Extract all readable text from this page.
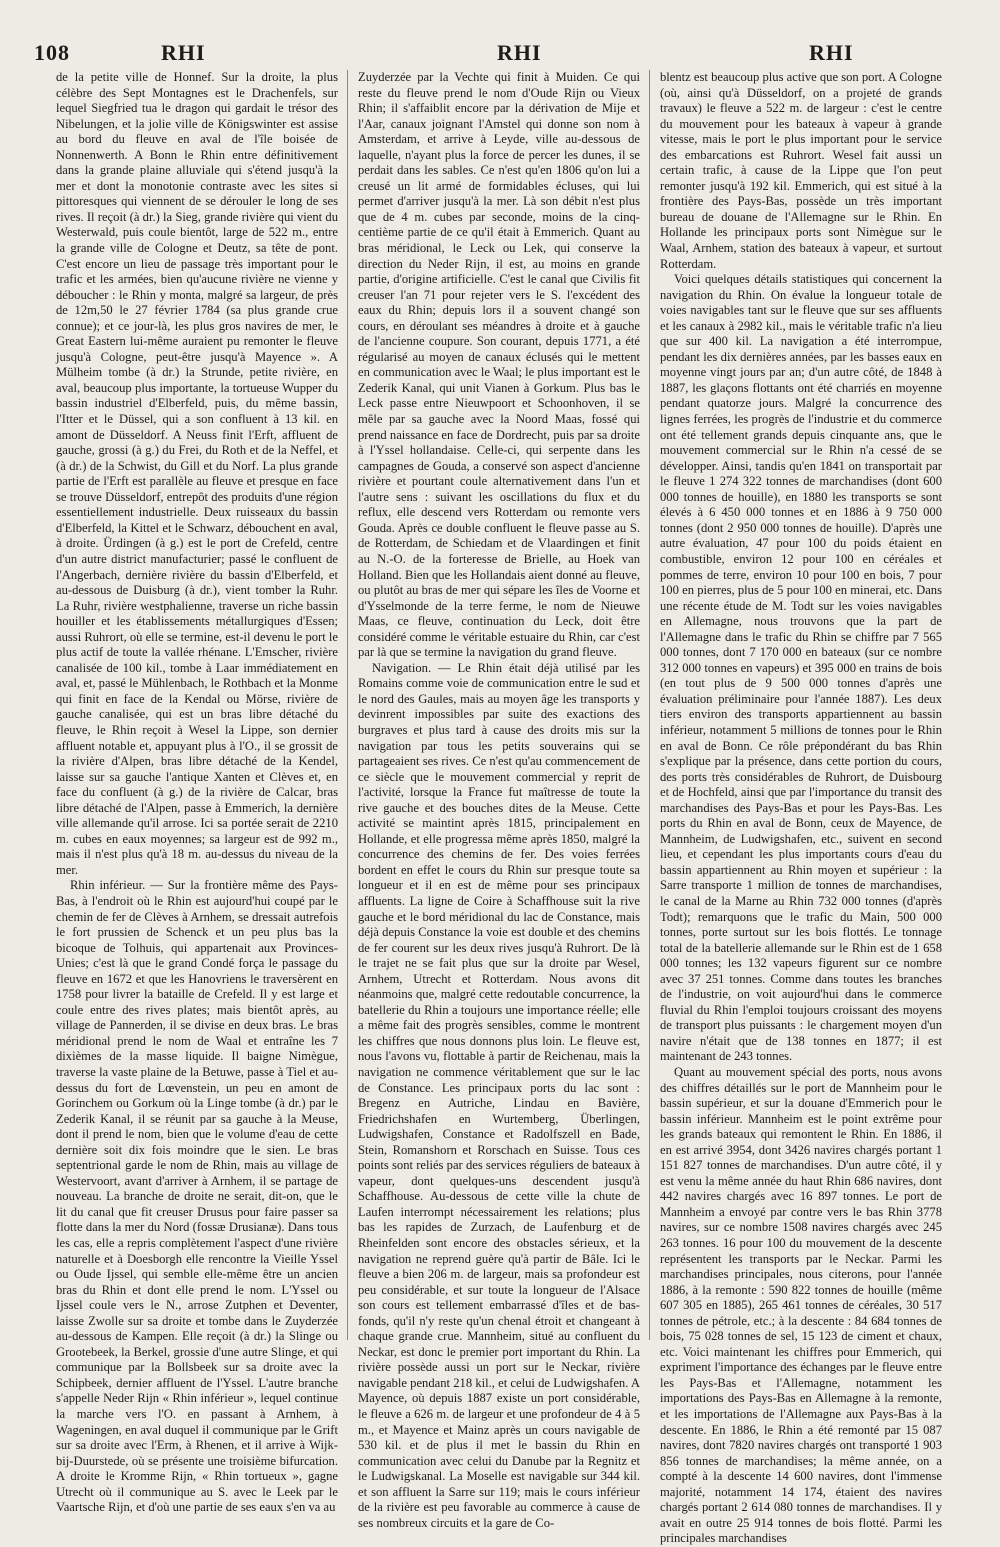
108	RHI	RHI	RHI

de la petite ville de Honnef. Sur la droite, la plus célèbre des Sept Montagnes est le Drachenfels, sur lequel Siegfried tua le dragon qui gardait le trésor des Nibelungen, et la jolie ville de Königswinter est assise au bord du fleuve en aval de l'île boisée de Nonnenwerth. A Bonn le Rhin entre définitivement dans la grande plaine alluviale qui s'étend jusqu'à la mer et dont la monotonie contraste avec les sites si pittoresques qui viennent de se dérouler le long de ses rives. Il reçoit (à dr.) la Sieg, grande rivière qui vient du Westerwald, puis coule bientôt, large de 522 m., entre la grande ville de Cologne et Deutz, sa tête de pont. C'est encore un lieu de passage très important pour le trafic et les armées, bien qu'aucune rivière ne vienne y déboucher : le Rhin y monta, malgré sa largeur, de près de 12m,50 le 27 février 1784 (sa plus grande crue connue); et ce jour-là, les plus gros navires de mer, le Great Eastern lui-même auraient pu remonter le fleuve jusqu'à Cologne, peut-être jusqu'à Mayence ». A Mülheim tombe (à dr.) la Strunde, petite rivière, en aval, beaucoup plus importante, la tortueuse Wupper du bassin industriel d'Elberfeld, puis, du même bassin, l'Itter et le Düssel, qui a son confluent à 13 kil. en amont de Düsseldorf. A Neuss finit l'Erft, affluent de gauche, grossi (à g.) du Frei, du Roth et de la Neffel, et (à dr.) de la Schwist, du Gill et du Norf. La plus grande partie de l'Erft est parallèle au fleuve et presque en face se trouve Düsseldorf, entrepôt des produits d'une région essentiellement industrielle. Deux ruisseaux du bassin d'Elberfeld, la Kittel et le Schwarz, débouchent en aval, à droite. Ürdingen (à g.) est le port de Crefeld, centre d'un autre district manufacturier; passé le confluent de l'Angerbach, dernière rivière du bassin d'Elberfeld, et au-dessous de Duisburg (à dr.), vient tomber la Ruhr. La Ruhr, rivière westphalienne, traverse un riche bassin houiller et les établissements métallurgiques d'Essen; aussi Ruhrort, où elle se termine, est-il devenu le port le plus actif de toute la vallée rhénane. L'Emscher, rivière canalisée de 100 kil., tombe à Laar immédiatement en aval, et, passé le Mühlenbach, le Rothbach et la Monme qui finit en face de la Kendal ou Mörse, rivière de gauche canalisée, qui est un bras libre détaché du fleuve, le Rhin reçoit à Wesel la Lippe, son dernier affluent notable et, appuyant plus à l'O., il se grossit de la rivière d'Alpen, bras libre détaché de la Kendel, laisse sur sa gauche l'antique Xanten et Clèves et, en face du confluent (à g.) de la rivière de Calcar, bras libre détaché de l'Alpen, passe à Emmerich, la dernière ville allemande qu'il arrose. Ici sa portée serait de 2210 m. cubes en eaux moyennes; sa largeur est de 992 m., mais il n'est plus qu'à 18 m. au-dessus du niveau de la mer.

Rhin inférieur. — Sur la frontière même des Pays-Bas, à l'endroit où le Rhin est aujourd'hui coupé par le chemin de fer de Clèves à Arnhem, se dressait autrefois le fort prussien de Schenck et un peu plus bas la bicoque de Tolhuis, qui appartenait aux Provinces-Unies; c'est là que le grand Condé força le passage du fleuve en 1672 et que les Hanovriens le traversèrent en 1758 pour livrer la bataille de Crefeld. Il y est large et coule entre des rives plates; mais bientôt après, au village de Pannerden, il se divise en deux bras. Le bras méridional prend le nom de Waal et entraîne les 7 dixièmes de la masse liquide. Il baigne Nimègue, traverse la vaste plaine de la Betuwe, passe à Tiel et au-dessus du fort de Lœvenstein, un peu en amont de Gorinchem ou Gorkum où la Linge tombe (à dr.) par le Zederik Kanal, il se réunit par sa gauche à la Meuse, dont il prend le nom, bien que le volume d'eau de cette dernière soit dix fois moindre que le sien. Le bras septentrional garde le nom de Rhin, mais au village de Westervoort, avant d'arriver à Arnhem, il se partage de nouveau. La branche de droite ne serait, dit-on, que le lit du canal que fit creuser Drusus pour faire passer sa flotte dans la mer du Nord (fossæ Drusianæ). Dans tous les cas, elle a repris complètement l'aspect d'une rivière naturelle et à Doesborgh elle rencontre la Vieille Yssel ou Oude Ijssel, qui semble elle-même être un ancien bras du Rhin et dont elle prend le nom. L'Yssel ou Ijssel coule vers le N., arrose Zutphen et Deventer, laisse Zwolle sur sa droite et tombe dans le Zuyderzée au-dessous de Kampen. Elle reçoit (à dr.) la Slinge ou Grootebeek, la Berkel, grossie d'une autre Slinge, et qui communique par la Bollsbeek sur sa droite avec la Schipbeek, dernier affluent de l'Yssel. L'autre branche s'appelle Neder Rijn « Rhin inférieur », lequel continue la marche vers l'O. en passant à Arnhem, à Wageningen, en aval duquel il communique par le Grift sur sa droite avec l'Erm, à Rhenen, et il arrive à Wijk-bij-Duurstede, où se présente une troisième bifurcation. A droite le Kromme Rijn, « Rhin tortueux », gagne Utrecht où il communique au S. avec le Leek par le Vaartsche Rijn, et d'où une partie de ses eaux s'en va au

Zuyderzée par la Vechte qui finit à Muiden. Ce qui reste du fleuve prend le nom d'Oude Rijn ou Vieux Rhin; il s'affaiblit encore par la dérivation de Mije et l'Aar, canaux joignant l'Amstel qui donne son nom à Amsterdam, et arrive à Leyde, ville au-dessous de laquelle, n'ayant plus la force de percer les dunes, il se perdait dans les sables. Ce n'est qu'en 1806 qu'on lui a creusé un lit armé de formidables écluses, qui lui permet d'arriver jusqu'à la mer. Là son débit n'est plus que de 4 m. cubes par seconde, moins de la cinq-centième partie de ce qu'il était à Emmerich. Quant au bras méridional, le Leck ou Lek, qui conserve la direction du Neder Rijn, il est, au moins en grande partie, d'origine artificielle. C'est le canal que Civilis fit creuser l'an 71 pour rejeter vers le S. l'excédent des eaux du Rhin; depuis lors il a souvent changé son cours, en déroulant ses méandres à droite et à gauche de l'ancienne coupure. Son courant, depuis 1771, a été régularisé au moyen de canaux éclusés qui le mettent en communication avec le Waal; le plus important est le Zederik Kanal, qui unit Vianen à Gorkum. Plus bas le Leck passe entre Nieuwpoort et Schoonhoven, il se mêle par sa gauche avec la Noord Maas, fossé qui prend naissance en face de Dordrecht, puis par sa droite à l'Yssel hollandaise. Celle-ci, qui serpente dans les campagnes de Gouda, a conservé son aspect d'ancienne rivière et pourtant coule alternativement dans l'un et l'autre sens : suivant les oscillations du flux et du reflux, elle descend vers Rotterdam ou remonte vers Gouda. Après ce double confluent le fleuve passe au S. de Rotterdam, de Schiedam et de Vlaardingen et finit au N.-O. de la forteresse de Brielle, au Hoek van Holland. Bien que les Hollandais aient donné au fleuve, ou plutôt au bras de mer qui sépare les îles de Voorne et d'Ysselmonde de la terre ferme, le nom de Nieuwe Maas, ce fleuve, continuation du Leck, doit être considéré comme le véritable estuaire du Rhin, car c'est par là que se termine la navigation du grand fleuve.

Navigation. — Le Rhin était déjà utilisé par les Romains comme voie de communication entre le sud et le nord des Gaules, mais au moyen âge les transports y devinrent impossibles par suite des exactions des burgraves et plus tard à cause des droits mis sur la navigation par tous les petits souverains qui se partageaient ses rives. Ce n'est qu'au commencement de ce siècle que le mouvement commercial y reprit de l'activité, lorsque la France fut maîtresse de toute la rive gauche et des bouches dites de la Meuse. Cette activité se maintint après 1815, principalement en Hollande, et elle progressa même après 1850, malgré la concurrence des chemins de fer. Des voies ferrées bordent en effet le cours du Rhin sur presque toute sa longueur et il en est de même pour ses principaux affluents. La ligne de Coire à Schaffhouse suit la rive gauche et le bord méridional du lac de Constance, mais déjà depuis Constance la voie est double et des chemins de fer courent sur les deux rives jusqu'à Ruhrort. De là le trajet ne se fait plus que sur la droite par Wesel, Arnhem, Utrecht et Rotterdam. Nous avons dit néanmoins que, malgré cette redoutable concurrence, la batellerie du Rhin a toujours une importance réelle; elle a même fait des progrès sensibles, comme le montrent les chiffres que nous donnons plus loin. Le fleuve est, nous l'avons vu, flottable à partir de Reichenau, mais la navigation ne commence véritablement que sur le lac de Constance. Les principaux ports du lac sont : Bregenz en Autriche, Lindau en Bavière, Friedrichshafen en Wurtemberg, Überlingen, Ludwigshafen, Constance et Radolfszell en Bade, Stein, Romanshorn et Rorschach en Suisse. Tous ces points sont reliés par des services réguliers de bateaux à vapeur, dont quelques-uns descendent jusqu'à Schaffhouse. Au-dessous de cette ville la chute de Laufen interrompt nécessairement les relations; plus bas les rapides de Zurzach, de Laufenburg et de Rheinfelden sont encore des obstacles sérieux, et la navigation ne reprend guère qu'à partir de Bâle. Ici le fleuve a bien 206 m. de largeur, mais sa profondeur est peu considérable, et sur toute la longueur de l'Alsace son cours est tellement embarrassé d'îles et de bas-fonds, qu'il n'y reste qu'un chenal étroit et changeant à chaque grande crue. Mannheim, situé au confluent du Neckar, est donc le premier port important du Rhin. La rivière possède aussi un port sur le Neckar, rivière navigable pendant 218 kil., et celui de Ludwigshafen. A Mayence, où depuis 1887 existe un port considérable, le fleuve a 626 m. de largeur et une profondeur de 4 à 5 m., et Mayence et Mainz après un cours navigable de 530 kil. et de plus il met le bassin du Rhin en communication avec celui du Danube par la Regnitz et le Ludwigskanal. La Moselle est navigable sur 344 kil. et son affluent la Sarre sur 119; mais le cours inférieur de la rivière est peu favorable au commerce à cause de ses nombreux circuits et la gare de Co-

blentz est beaucoup plus active que son port. A Cologne (où, ainsi qu'à Düsseldorf, on a projeté de grands travaux) le fleuve a 522 m. de largeur : c'est le centre du mouvement pour les bateaux à vapeur à grande vitesse, mais le port le plus important pour le service des embarcations est Ruhrort. Wesel fait aussi un certain trafic, à cause de la Lippe que l'on peut remonter jusqu'à 192 kil. Emmerich, qui est situé à la frontière des Pays-Bas, possède un très important bureau de douane de l'Allemagne sur le Rhin. En Hollande les principaux ports sont Nimègue sur le Waal, Arnhem, station des bateaux à vapeur, et surtout Rotterdam.

Voici quelques détails statistiques qui concernent la navigation du Rhin. On évalue la longueur totale de voies navigables tant sur le fleuve que sur ses affluents et les canaux à 2982 kil., mais le véritable trafic n'a lieu que sur 400 kil. La navigation a été interrompue, pendant les dix dernières années, par les basses eaux en moyenne vingt jours par an; d'un autre côté, de 1848 à 1887, les glaçons flottants ont été charriés en moyenne pendant quatorze jours. Malgré la concurrence des lignes ferrées, les progrès de l'industrie et du commerce ont été tellement grands depuis cinquante ans, que le mouvement commercial sur le Rhin n'a cessé de se développer. Ainsi, tandis qu'en 1841 on transportait par le fleuve 1 274 322 tonnes de marchandises (dont 600 000 tonnes de houille), en 1880 les transports se sont élevés à 6 450 000 tonnes et en 1886 à 9 750 000 tonnes (dont 2 950 000 tonnes de houille). D'après une autre évaluation, 47 pour 100 du poids étaient en combustible, environ 12 pour 100 en céréales et pommes de terre, environ 10 pour 100 en bois, 7 pour 100 en pierres, plus de 5 pour 100 en minerai, etc. Dans une récente étude de M. Todt sur les voies navigables en Allemagne, nous trouvons que la part de l'Allemagne dans le trafic du Rhin se chiffre par 7 565 000 tonnes, dont 7 170 000 en bateaux (sur ce nombre 312 000 tonnes en vapeurs) et 395 000 en trains de bois (en tout plus de 9 500 000 tonnes d'après une évaluation préliminaire pour l'année 1887). Les deux tiers environ des transports appartiennent au bassin inférieur, notamment 5 millions de tonnes pour le Rhin en aval de Bonn. Ce rôle prépondérant du bas Rhin s'explique par la présence, dans cette portion du cours, des ports très considérables de Ruhrort, de Duisbourg et de Hochfeld, ainsi que par l'importance du transit des marchandises des Pays-Bas et pour les Pays-Bas. Les ports du Rhin en aval de Bonn, ceux de Mayence, de Mannheim, de Ludwigshafen, etc., suivent en second lieu, et cependant les plus importants cours d'eau du bassin appartiennent au Rhin moyen et supérieur : la Sarre transporte 1 million de tonnes de marchandises, le canal de la Marne au Rhin 732 000 tonnes (d'après Todt); remarquons que le trafic du Main, 500 000 tonnes, porte surtout sur les bois flottés. Le tonnage total de la batellerie allemande sur le Rhin est de 1 658 000 tonnes; les 132 vapeurs figurent sur ce nombre avec 37 251 tonnes. Comme dans toutes les branches de l'industrie, on voit aujourd'hui dans le commerce fluvial du Rhin l'emploi toujours croissant des moyens de transport plus puissants : le chargement moyen d'un navire n'était que de 138 tonnes en 1877; il est maintenant de 243 tonnes.

Quant au mouvement spécial des ports, nous avons des chiffres détaillés sur le port de Mannheim pour le bassin supérieur, et sur la douane d'Emmerich pour le bassin inférieur. Mannheim est le point extrême pour les grands bateaux qui remontent le Rhin. En 1886, il en est arrivé 3954, dont 3426 navires chargés portant 1 151 827 tonnes de marchandises. D'un autre côté, il y est venu la même année du haut Rhin 686 navires, dont 442 navires chargés avec 16 897 tonnes. Le port de Mannheim a envoyé par contre vers le bas Rhin 3778 navires, sur ce nombre 1508 navires chargés avec 245 263 tonnes. 16 pour 100 du mouvement de la descente représentent les transports par le Neckar. Parmi les marchandises principales, nous citerons, pour l'année 1886, à la remonte : 590 822 tonnes de houille (même 607 305 en 1885), 265 461 tonnes de céréales, 30 517 tonnes de pétrole, etc.; à la descente : 84 684 tonnes de bois, 75 028 tonnes de sel, 15 123 de ciment et chaux, etc. Voici maintenant les chiffres pour Emmerich, qui expriment l'importance des échanges par le fleuve entre les Pays-Bas et l'Allemagne, notamment les importations des Pays-Bas en Allemagne à la remonte, et les importations de l'Allemagne aux Pays-Bas à la descente. En 1886, le Rhin a été remonté par 15 087 navires, dont 7820 navires chargés ont transporté 1 903 856 tonnes de marchandises; la même année, on a compté à la descente 14 600 navires, dont l'immense majorité, notamment 14 174, étaient des navires chargés portant 2 614 080 tonnes de marchandises. Il y avait en outre 25 914 tonnes de bois flotté. Parmi les principales marchandises
